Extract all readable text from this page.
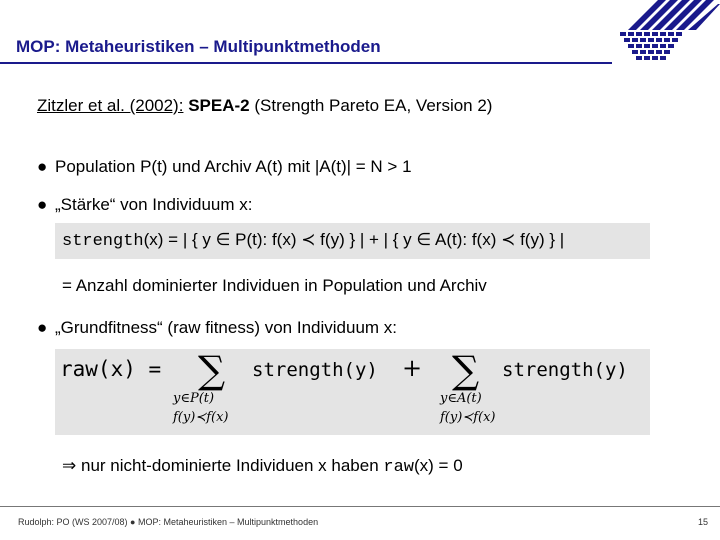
MOP: Metaheuristiken – Multipunktmethoden
Zitzler et al. (2002): SPEA-2 (Strength Pareto EA, Version 2)
● Population P(t) und Archiv A(t) mit |A(t)| = N > 1
● „Stärke“ von Individuum x:
strength(x) = | { y ∈ P(t): f(x) ≺ f(y) } | + | { y ∈ A(t): f(x) ≺ f(y) } |
= Anzahl dominierter Individuen in Population und Archiv
● „Grundfitness“ (raw fitness) von Individuum x:
raw(x) = ∑
y∈P(t)
f(y)≺f(x)
strength(y) + ∑
y∈A(t)
f(y)≺f(x)
strength(y)
⇒ nur nicht-dominierte Individuen x haben raw(x) = 0
Rudolph: PO (WS 2007/08) ● MOP: Metaheuristiken – Multipunktmethoden	15
